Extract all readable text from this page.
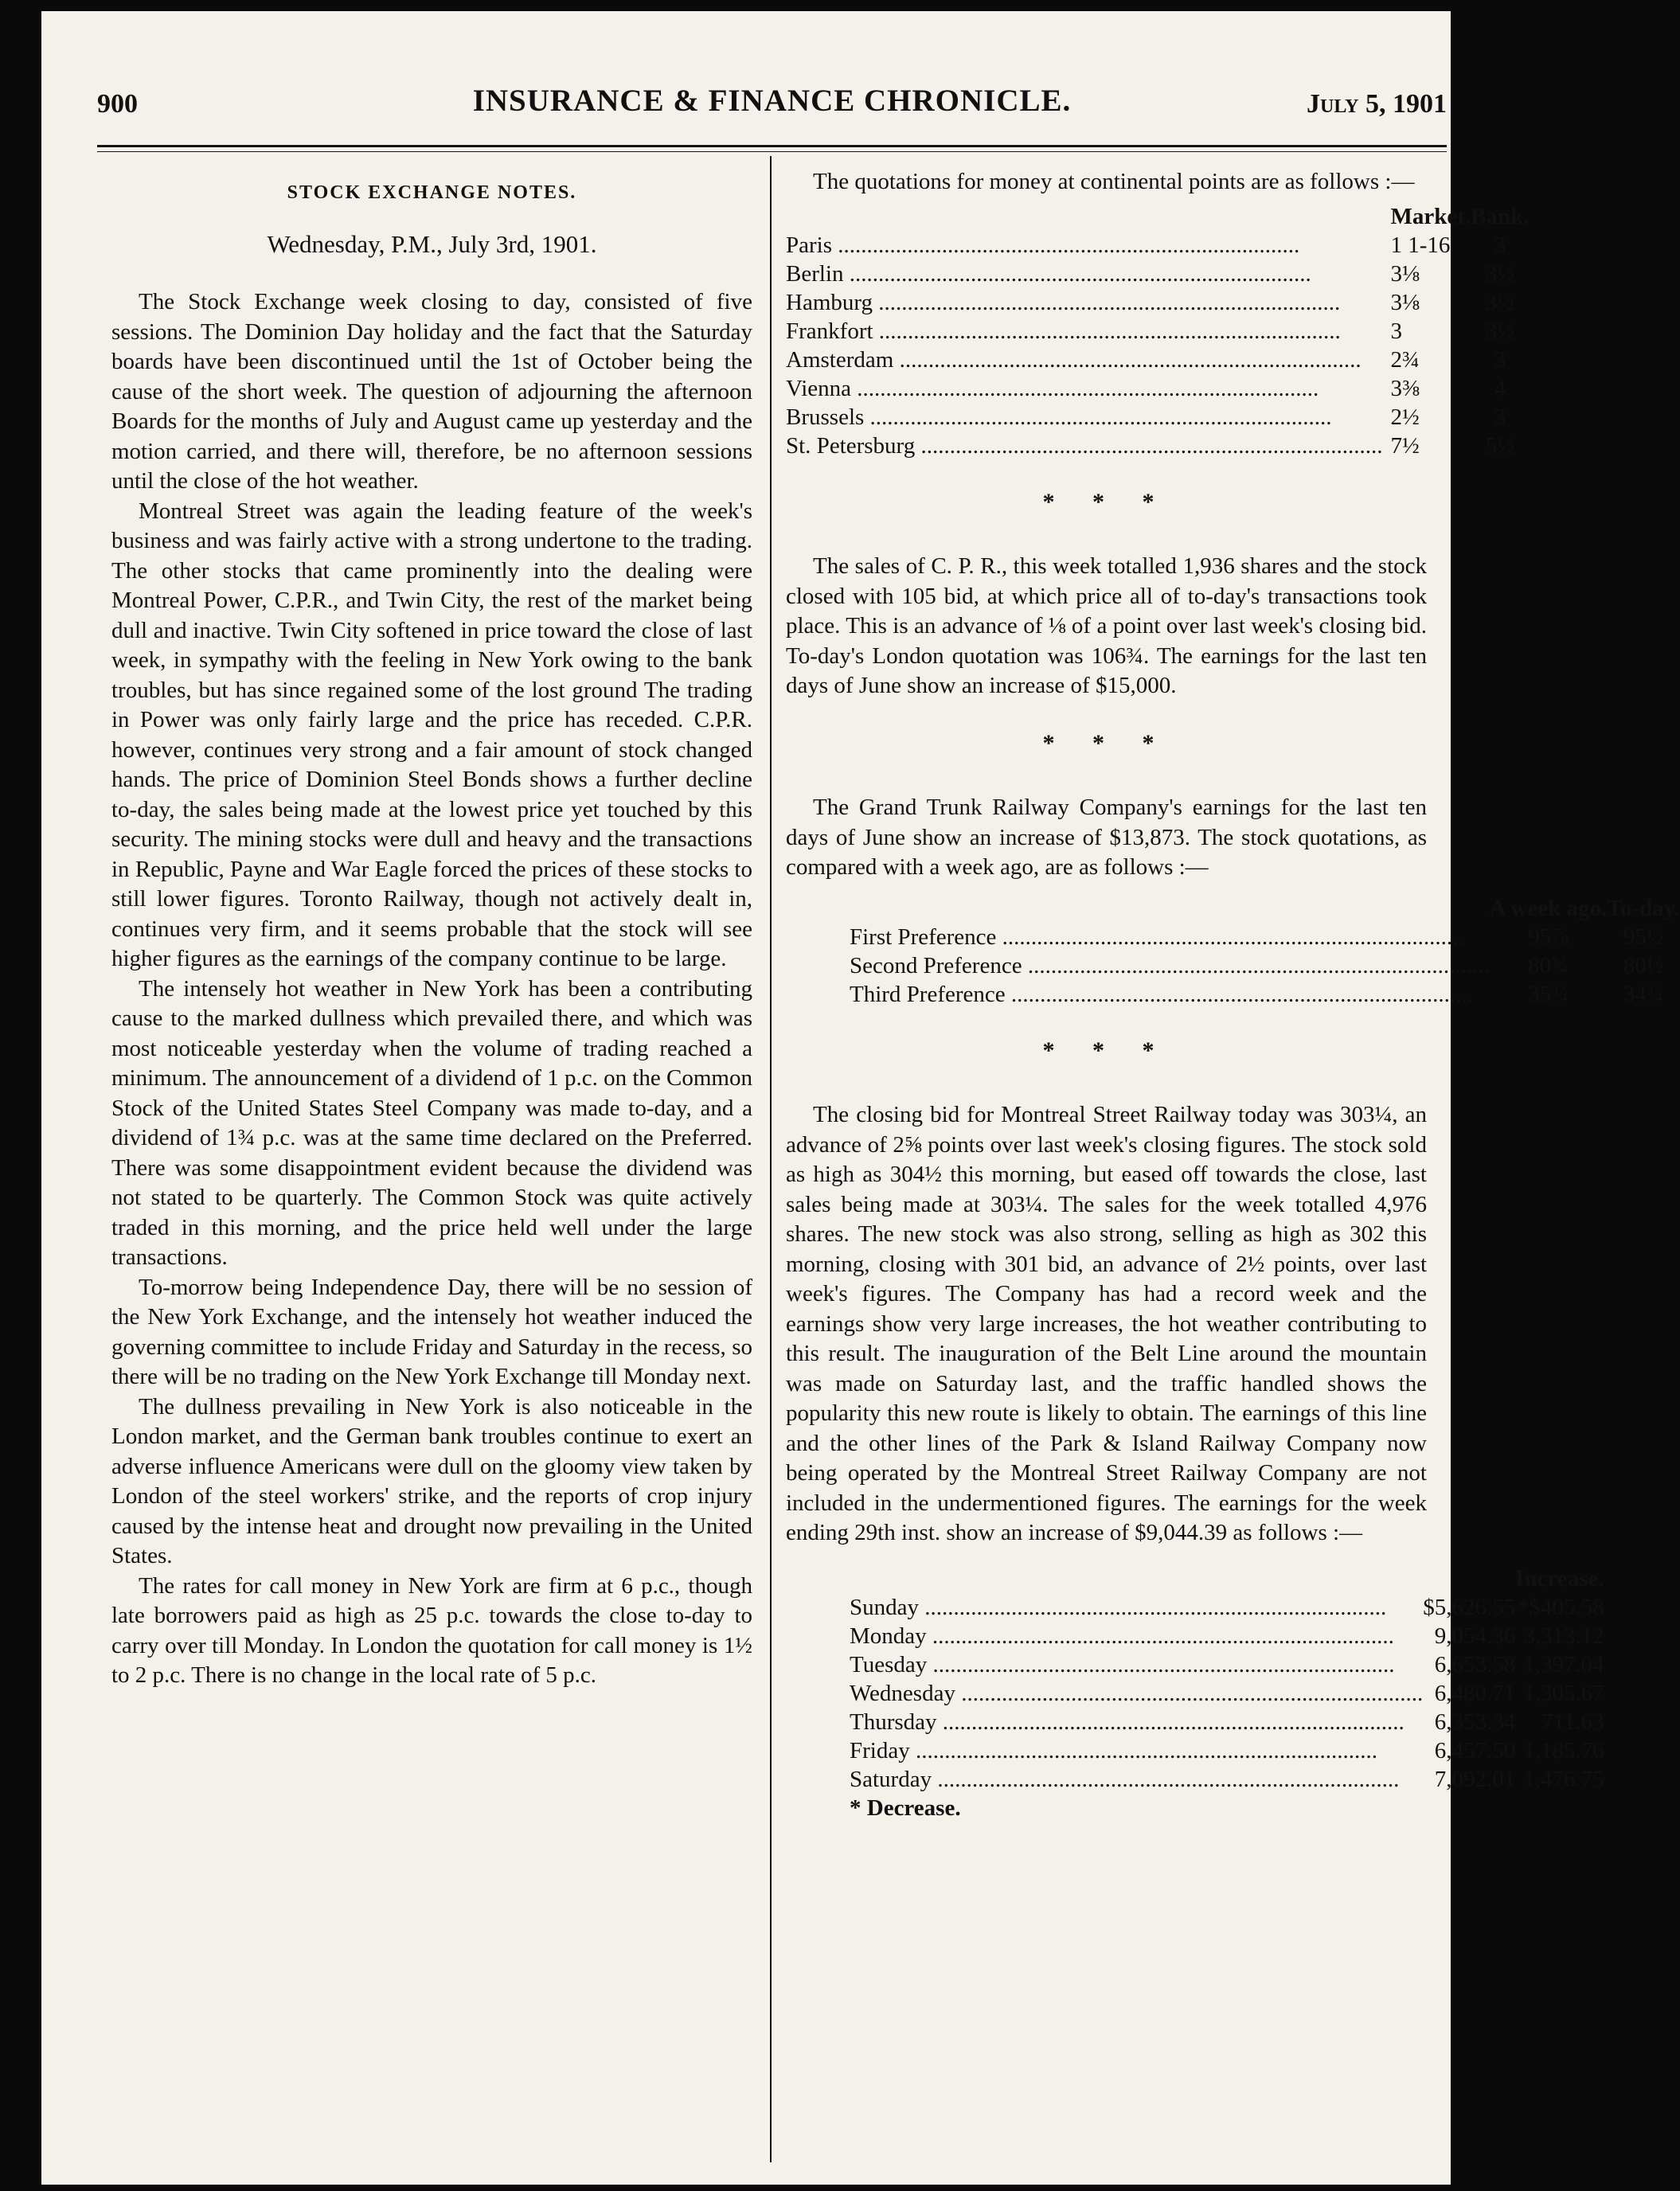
900	INSURANCE & FINANCE CHRONICLE.	July 5, 1901
STOCK EXCHANGE NOTES.
Wednesday, P.M., July 3rd, 1901.

The Stock Exchange week closing to day, consisted of five sessions. The Dominion Day holiday and the fact that the Saturday boards have been discontinued until the 1st of October being the cause of the short week. The question of adjourning the afternoon Boards for the months of July and August came up yesterday and the motion carried, and there will, therefore, be no afternoon sessions until the close of the hot weather.

Montreal Street was again the leading feature of the week's business and was fairly active with a strong undertone to the trading. The other stocks that came prominently into the dealing were Montreal Power, C.P.R., and Twin City, the rest of the market being dull and inactive. Twin City softened in price toward the close of last week, in sympathy with the feeling in New York owing to the bank troubles, but has since regained some of the lost ground The trading in Power was only fairly large and the price has receded. C.P.R. however, continues very strong and a fair amount of stock changed hands. The price of Dominion Steel Bonds shows a further decline to-day, the sales being made at the lowest price yet touched by this security. The mining stocks were dull and heavy and the transactions in Republic, Payne and War Eagle forced the prices of these stocks to still lower figures. Toronto Railway, though not actively dealt in, continues very firm, and it seems probable that the stock will see higher figures as the earnings of the company continue to be large.

The intensely hot weather in New York has been a contributing cause to the marked dullness which prevailed there, and which was most noticeable yesterday when the volume of trading reached a minimum. The announcement of a dividend of 1 p.c. on the Common Stock of the United States Steel Company was made to-day, and a dividend of 1¾ p.c. was at the same time declared on the Preferred. There was some disappointment evident because the dividend was not stated to be quarterly. The Common Stock was quite actively traded in this morning, and the price held well under the large transactions.

To-morrow being Independence Day, there will be no session of the New York Exchange, and the intensely hot weather induced the governing committee to include Friday and Saturday in the recess, so there will be no trading on the New York Exchange till Monday next.

The dullness prevailing in New York is also noticeable in the London market, and the German bank troubles continue to exert an adverse influence Americans were dull on the gloomy view taken by London of the steel workers' strike, and the reports of crop injury caused by the intense heat and drought now prevailing in the United States.

The rates for call money in New York are firm at 6 p.c., though late borrowers paid as high as 25 p.c. towards the close to-day to carry over till Monday. In London the quotation for call money is 1½ to 2 p.c. There is no change in the local rate of 5 p.c.

The quotations for money at continental points are as follows :—

	Market.	Bank.

Paris .....	1 1-16	3

Berlin .....	3⅛	3½

Hamburg .....	3⅛	3½

Frankfort .....	3	3½

Amsterdam .....	2¾	3

Vienna .....	3⅜	4

Brussels .....	2½	3

St. Petersburg .....	7½	5½
* * *

The sales of C. P. R., this week totalled 1,936 shares and the stock closed with 105 bid, at which price all of to-day's transactions took place. This is an advance of ⅛ of a point over last week's closing bid. To-day's London quotation was 106¾. The earnings for the last ten days of June show an increase of $15,000.

* * *

The Grand Trunk Railway Company's earnings for the last ten days of June show an increase of $13,873. The stock quotations, as compared with a week ago, are as follows :—

	A week ago.	To-day.

First Preference .....	95⅞	95½

Second Preference .....	80¾	80½

Third Preference .....	35¾	34¾
* * *

The closing bid for Montreal Street Railway today was 303¼, an advance of 2⅝ points over last week's closing figures. The stock sold as high as 304½ this morning, but eased off towards the close, last sales being made at 303¼. The sales for the week totalled 4,976 shares. The new stock was also strong, selling as high as 302 this morning, closing with 301 bid, an advance of 2½ points, over last week's figures. The Company has had a record week and the earnings show very large increases, the hot weather contributing to this result. The inauguration of the Belt Line around the mountain was made on Saturday last, and the traffic handled shows the popularity this new route is likely to obtain. The earnings of this line and the other lines of the Park & Island Railway Company now being operated by the Montreal Street Railway Company are not included in the undermentioned figures. The earnings for the week ending 29th inst. show an increase of $9,044.39 as follows :—

		Increase.

Sunday .....	$5,626.55	*$405.58

Monday .....	9,054.36	3,313.12

Tuesday .....	6,653.58	1,397.04

Wednesday .....	6,480.71	1,305.67

Thursday .....	6,353.34	711.63

Friday .....	6,457.50	1,185.76

Saturday .....	7,092.01	1,476.75
* Decrease.		
